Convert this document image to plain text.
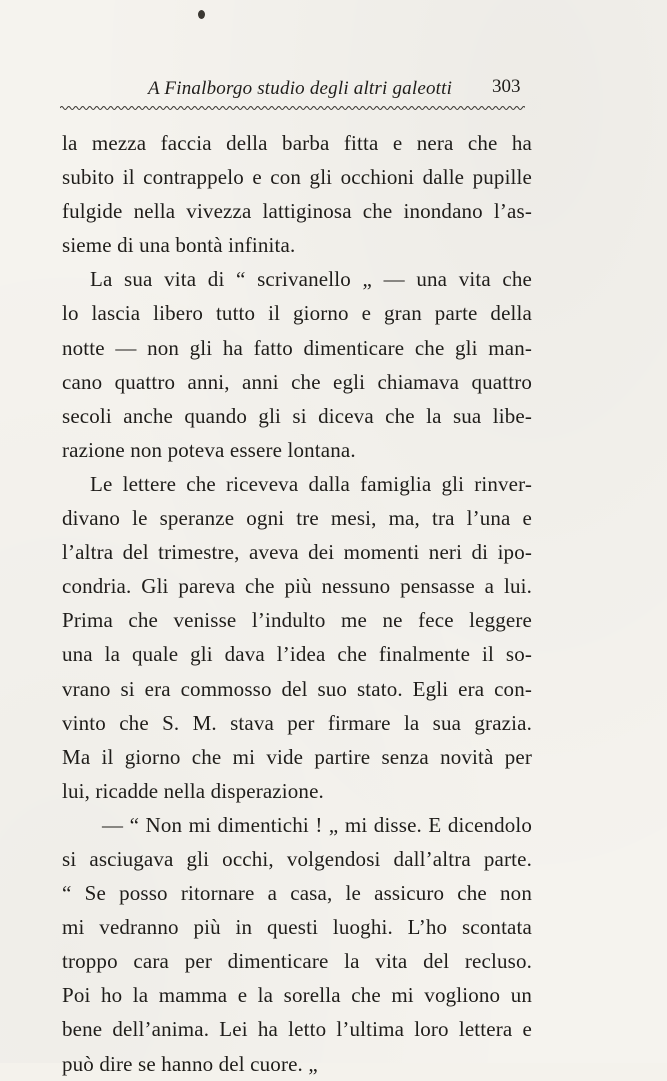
A Finalborgo studio degli altri galeotti 303
la mezza faccia della barba fitta e nera che ha
subito il contrappelo e con gli occhioni dalle pupille
fulgide nella vivezza lattiginosa che inondano l’as-
sieme di una bontà infinita.
La sua vita di “ scrivanello „ — una vita che
lo lascia libero tutto il giorno e gran parte della
notte — non gli ha fatto dimenticare che gli man-
cano quattro anni, anni che egli chiamava quattro
secoli anche quando gli si diceva che la sua libe-
razione non poteva essere lontana.
Le lettere che riceveva dalla famiglia gli rinver-
divano le speranze ogni tre mesi, ma, tra l’una e
l’altra del trimestre, aveva dei momenti neri di ipo-
condria. Gli pareva che più nessuno pensasse a lui.
Prima che venisse l’indulto me ne fece leggere
una la quale gli dava l’idea che finalmente il so-
vrano si era commosso del suo stato. Egli era con-
vinto che S. M. stava per firmare la sua grazia.
Ma il giorno che mi vide partire senza novità per
lui, ricadde nella disperazione.
— “ Non mi dimentichi ! „ mi disse. E dicendolo
si asciugava gli occhi, volgendosi dall’altra parte.
“ Se posso ritornare a casa, le assicuro che non
mi vedranno più in questi luoghi. L’ho scontata
troppo cara per dimenticare la vita del recluso.
Poi ho la mamma e la sorella che mi vogliono un
bene dell’anima. Lei ha letto l’ultima loro lettera e
può dire se hanno del cuore. „
